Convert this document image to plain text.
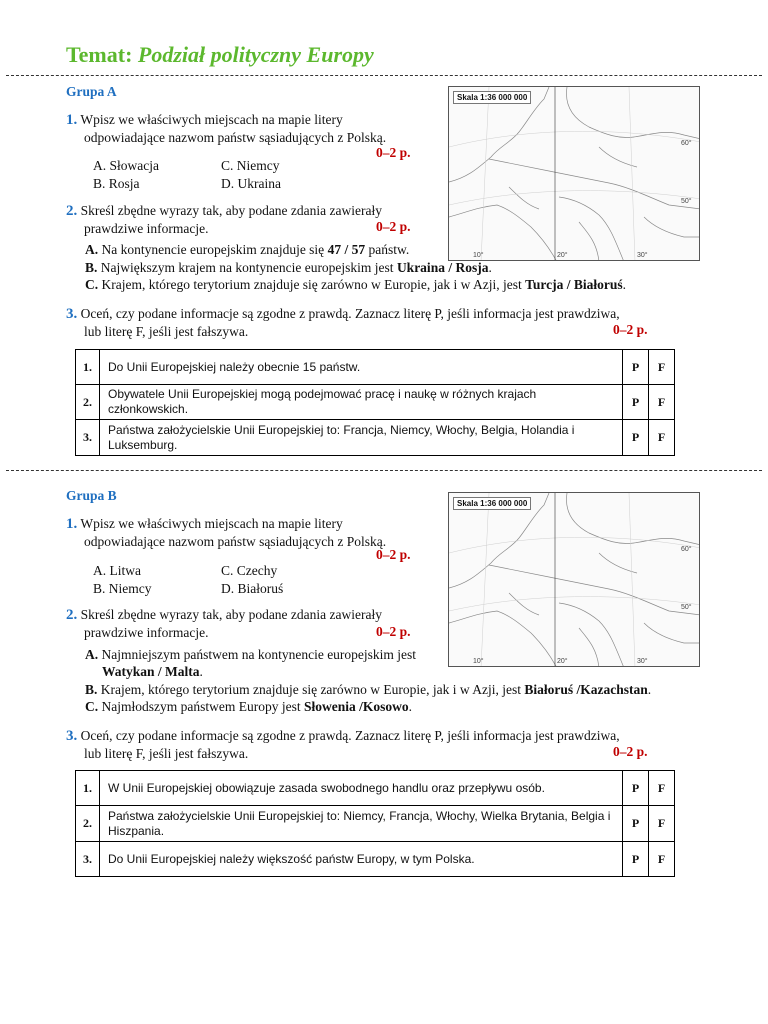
Temat: Podział polityczny Europy
Grupa A
60°
50°
10°	20°	30°
Skala 1:36 000 000
1. Wpisz we właściwych miejscach na mapie litery
odpowiadające nazwom państw sąsiadujących z Polską.
0–2 p.
A. Słowacja	C. Niemcy
B. Rosja	D. Ukraina
2. Skreśl zbędne wyrazy tak, aby podane zdania zawierały
prawdziwe informacje.	0–2 p.
A. Na kontynencie europejskim znajduje się 47 / 57 państw.
B. Największym krajem na kontynencie europejskim jest Ukraina / Rosja.
C. Krajem, którego terytorium znajduje się zarówno w Europie, jak i w Azji, jest Turcja / Białoruś.
3. Oceń, czy podane informacje są zgodne z prawdą. Zaznacz literę P, jeśli informacja jest prawdziwa,
lub literę F, jeśli jest fałszywa.	0–2 p.
1.	Do Unii Europejskiej należy obecnie 15 państw.	P	F
2.	Obywatele Unii Europejskiej mogą podejmować pracę i naukę w różnych krajach członkowskich.	P	F
3.	Państwa założycielskie Unii Europejskiej to: Francja, Niemcy, Włochy, Belgia, Holandia i Luksemburg.	P	F
Grupa B
60°
50°
10°	20°	30°
Skala 1:36 000 000
1. Wpisz we właściwych miejscach na mapie litery
odpowiadające nazwom państw sąsiadujących z Polską.
0–2 p.
A. Litwa	C. Czechy
B. Niemcy	D. Białoruś
2. Skreśl zbędne wyrazy tak, aby podane zdania zawierały
prawdziwe informacje.	0–2 p.
A. Najmniejszym państwem na kontynencie europejskim jest
Watykan / Malta.
B. Krajem, którego terytorium znajduje się zarówno w Europie, jak i w Azji, jest Białoruś /Kazachstan.
C. Najmłodszym państwem Europy jest Słowenia /Kosowo.
3. Oceń, czy podane informacje są zgodne z prawdą. Zaznacz literę P, jeśli informacja jest prawdziwa,
lub literę F, jeśli jest fałszywa.	0–2 p.
1.	W Unii Europejskiej obowiązuje zasada swobodnego handlu oraz przepływu osób.	P	F
2.	Państwa założycielskie Unii Europejskiej to: Niemcy, Francja, Włochy, Wielka Brytania, Belgia i Hiszpania.	P	F
3.	Do Unii Europejskiej należy większość państw Europy, w tym Polska.	P	F
